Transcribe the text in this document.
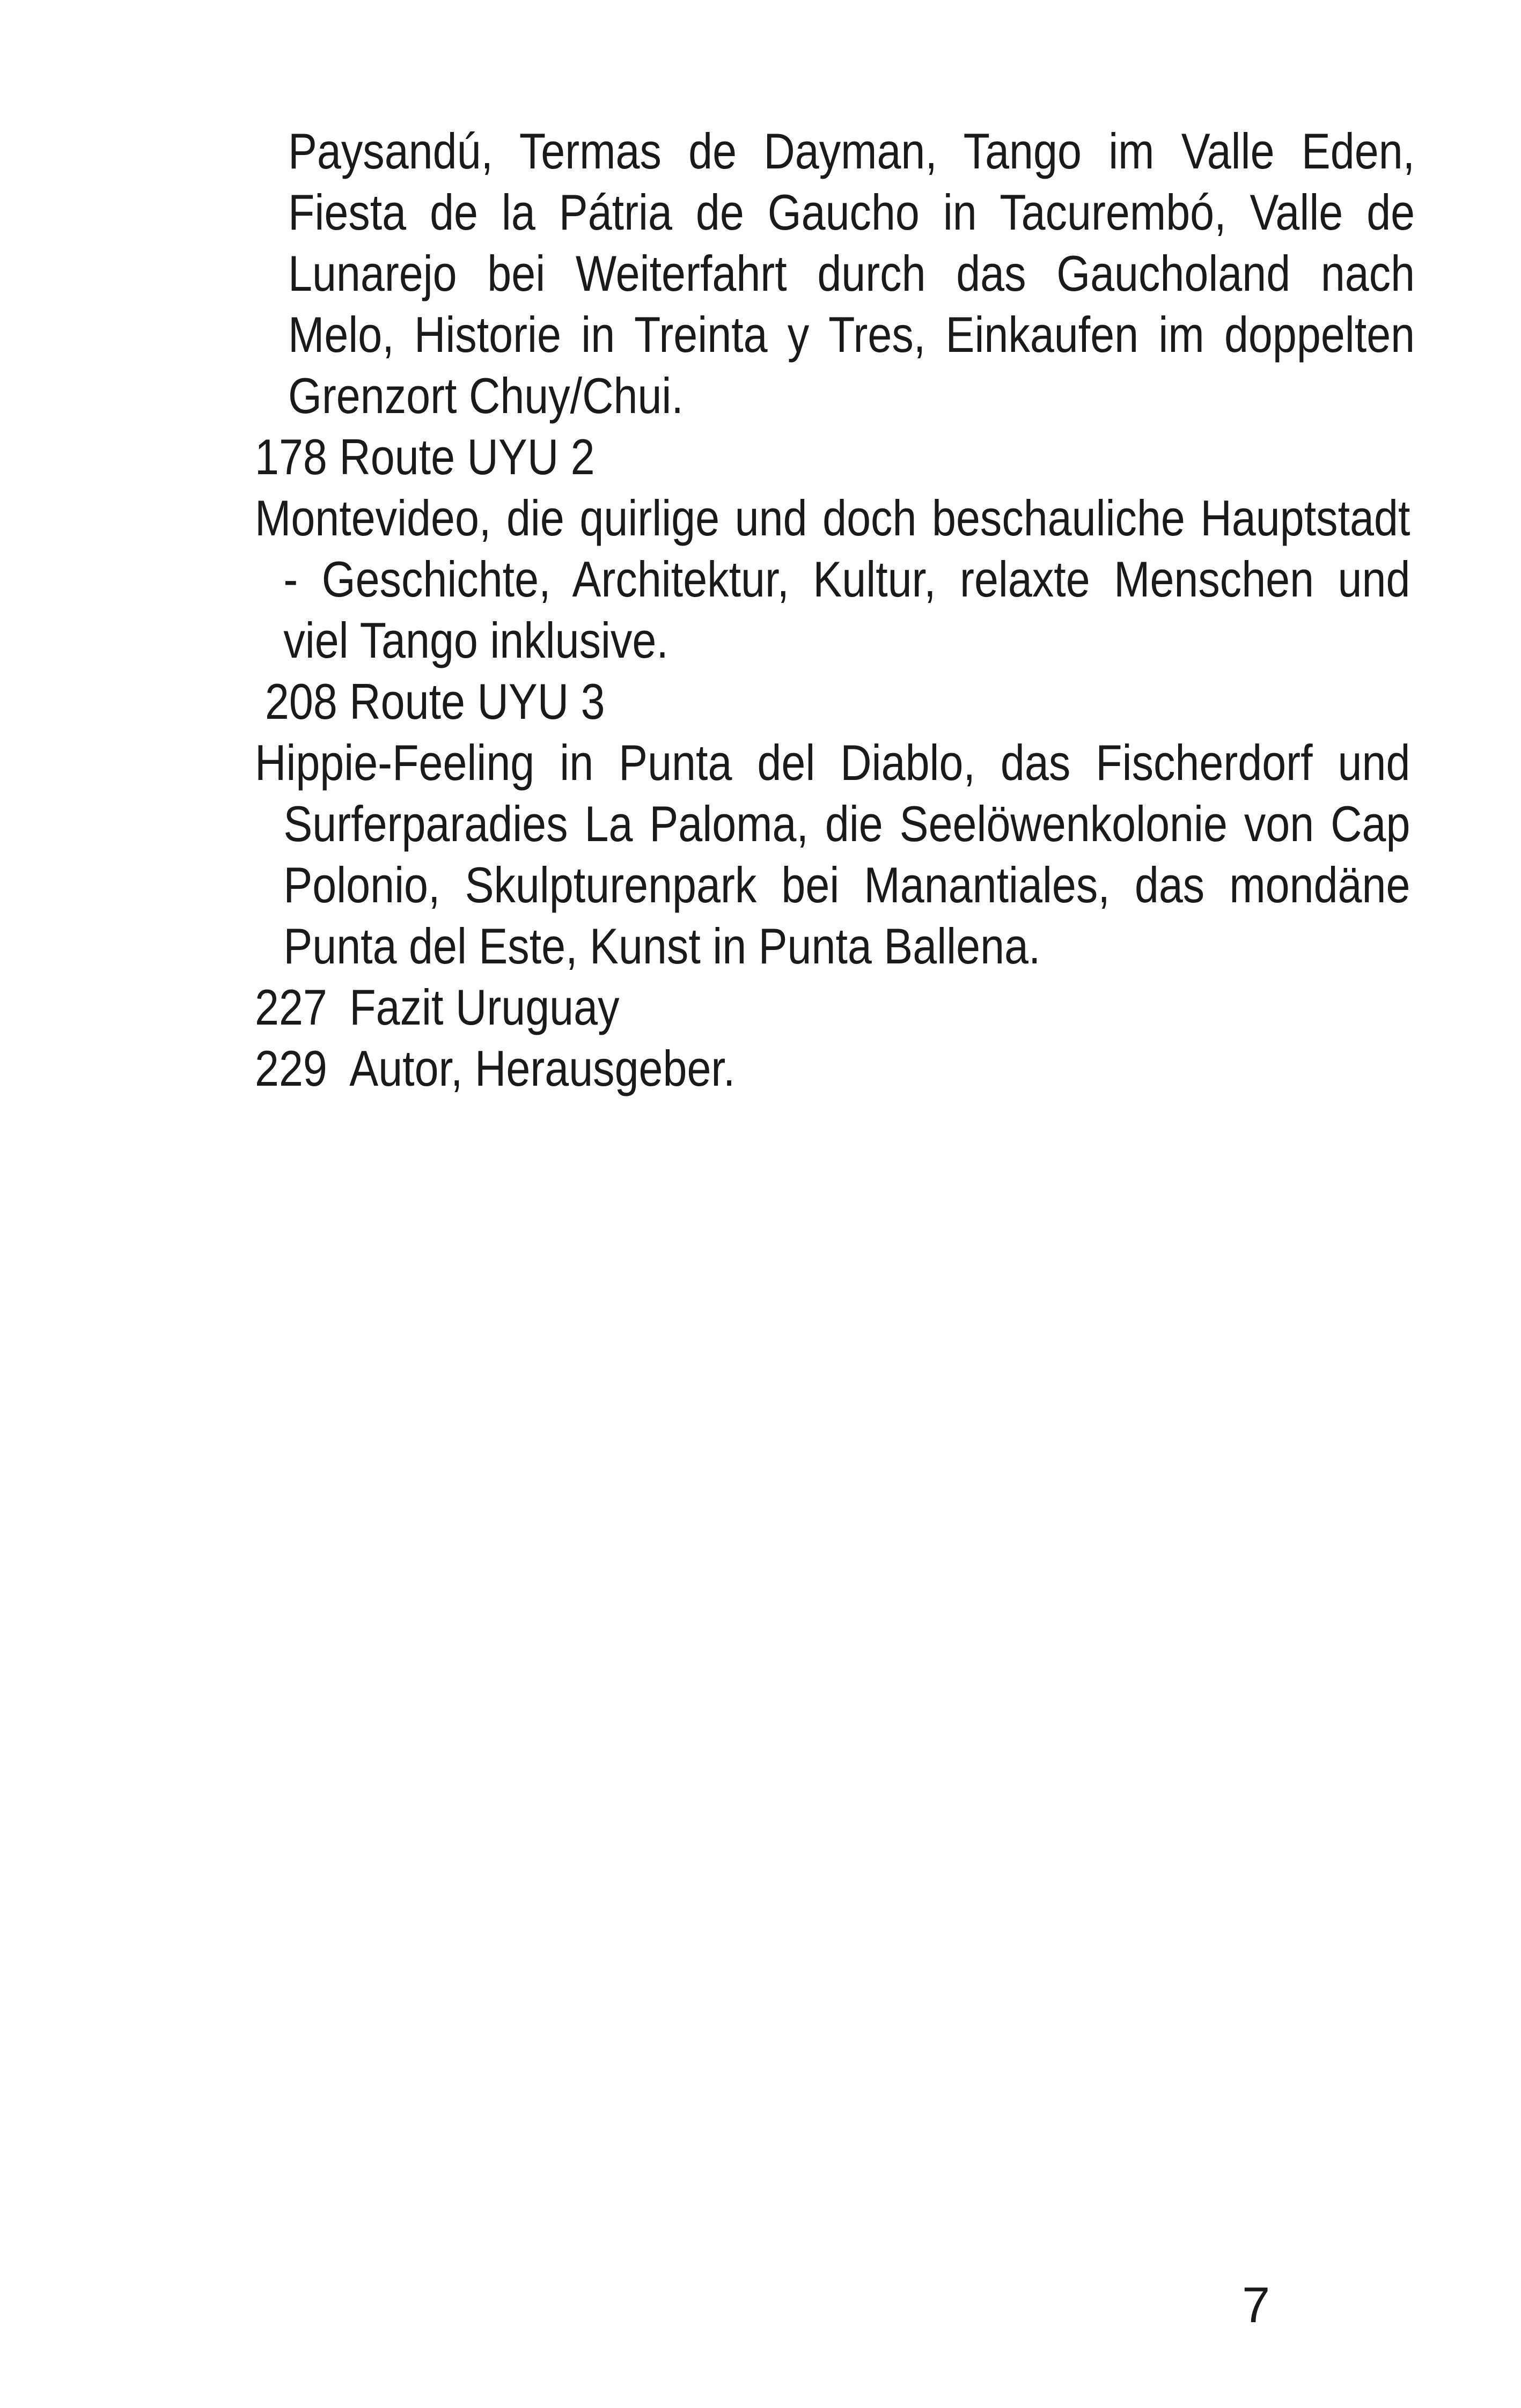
Paysandú, Termas de Dayman, Tango im Valle Eden, Fiesta de la Pátria de Gaucho in Tacurembó, Valle de Lunarejo bei Weiterfahrt durch das Gaucholand nach Melo, Historie in Treinta y Tres, Einkaufen im doppelten Grenzort Chuy/Chui.
178 Route UYU 2
Montevideo, die quirlige und doch beschauliche Hauptstadt - Geschichte, Architektur, Kultur, relaxte Menschen und viel Tango inklusive.
208 Route UYU 3
Hippie-Feeling in Punta del Diablo, das Fischerdorf und Surferparadies La Paloma, die Seelöwenkolonie von Cap Polonio, Skulpturenpark bei Manantiales, das mondäne Punta del Este, Kunst in Punta Ballena.
227 Fazit Uruguay
229 Autor, Herausgeber.
7
